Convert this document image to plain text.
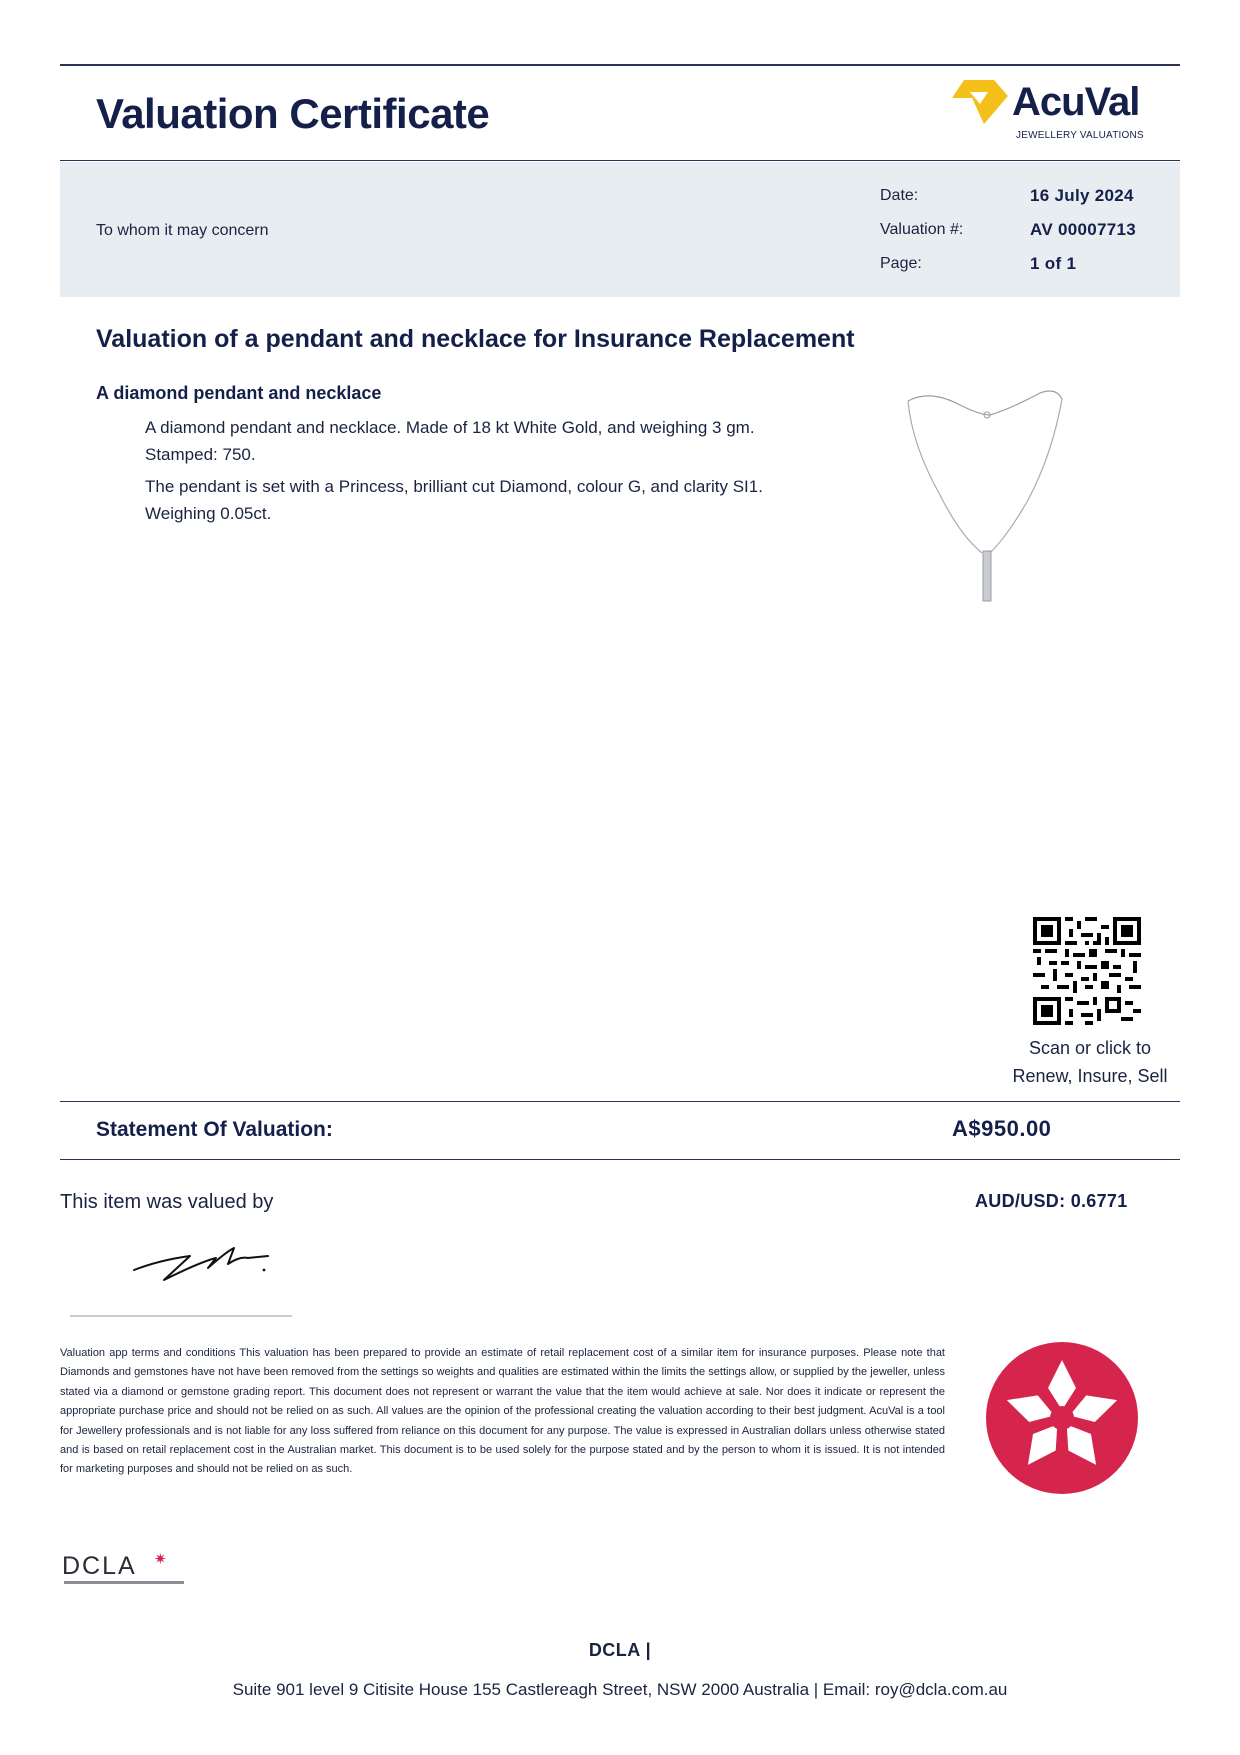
Valuation Certificate	AcuVal
JEWELLERY VALUATIONS
To whom it may concern
Date:	16 July 2024
Valuation #:	AV 00007713
Page:	1 of 1
Valuation of a pendant and necklace for Insurance Replacement
A diamond pendant and necklace
A diamond pendant and necklace. Made of 18 kt White Gold, and weighing 3 gm. Stamped: 750.
The pendant is set with a Princess, brilliant cut Diamond, colour G, and clarity SI1. Weighing 0.05ct.
Scan or click to
Renew, Insure, Sell
Statement Of Valuation:	A$950.00
This item was valued by	AUD/USD: 0.6771
Valuation app terms and conditions This valuation has been prepared to provide an estimate of retail replacement cost of a similar item for insurance purposes. Please note that Diamonds and gemstones have not have been removed from the settings so weights and qualities are estimated within the limits the settings allow, or supplied by the jeweller, unless stated via a diamond or gemstone grading report. This document does not represent or warrant the value that the item would achieve at sale. Nor does it indicate or represent the appropriate purchase price and should not be relied on as such. All values are the opinion of the professional creating the valuation according to their best judgment. AcuVal is a tool for Jewellery professionals and is not liable for any loss suffered from reliance on this document for any purpose. The value is expressed in Australian dollars unless otherwise stated and is based on retail replacement cost in the Australian market. This document is to be used solely for the purpose stated and by the person to whom it is issued. It is not intended for marketing purposes and should not be relied on as such.
DCLA ✷
DCLA |
Suite 901 level 9 Citisite House 155 Castlereagh Street, NSW 2000 Australia | Email: roy@dcla.com.au
